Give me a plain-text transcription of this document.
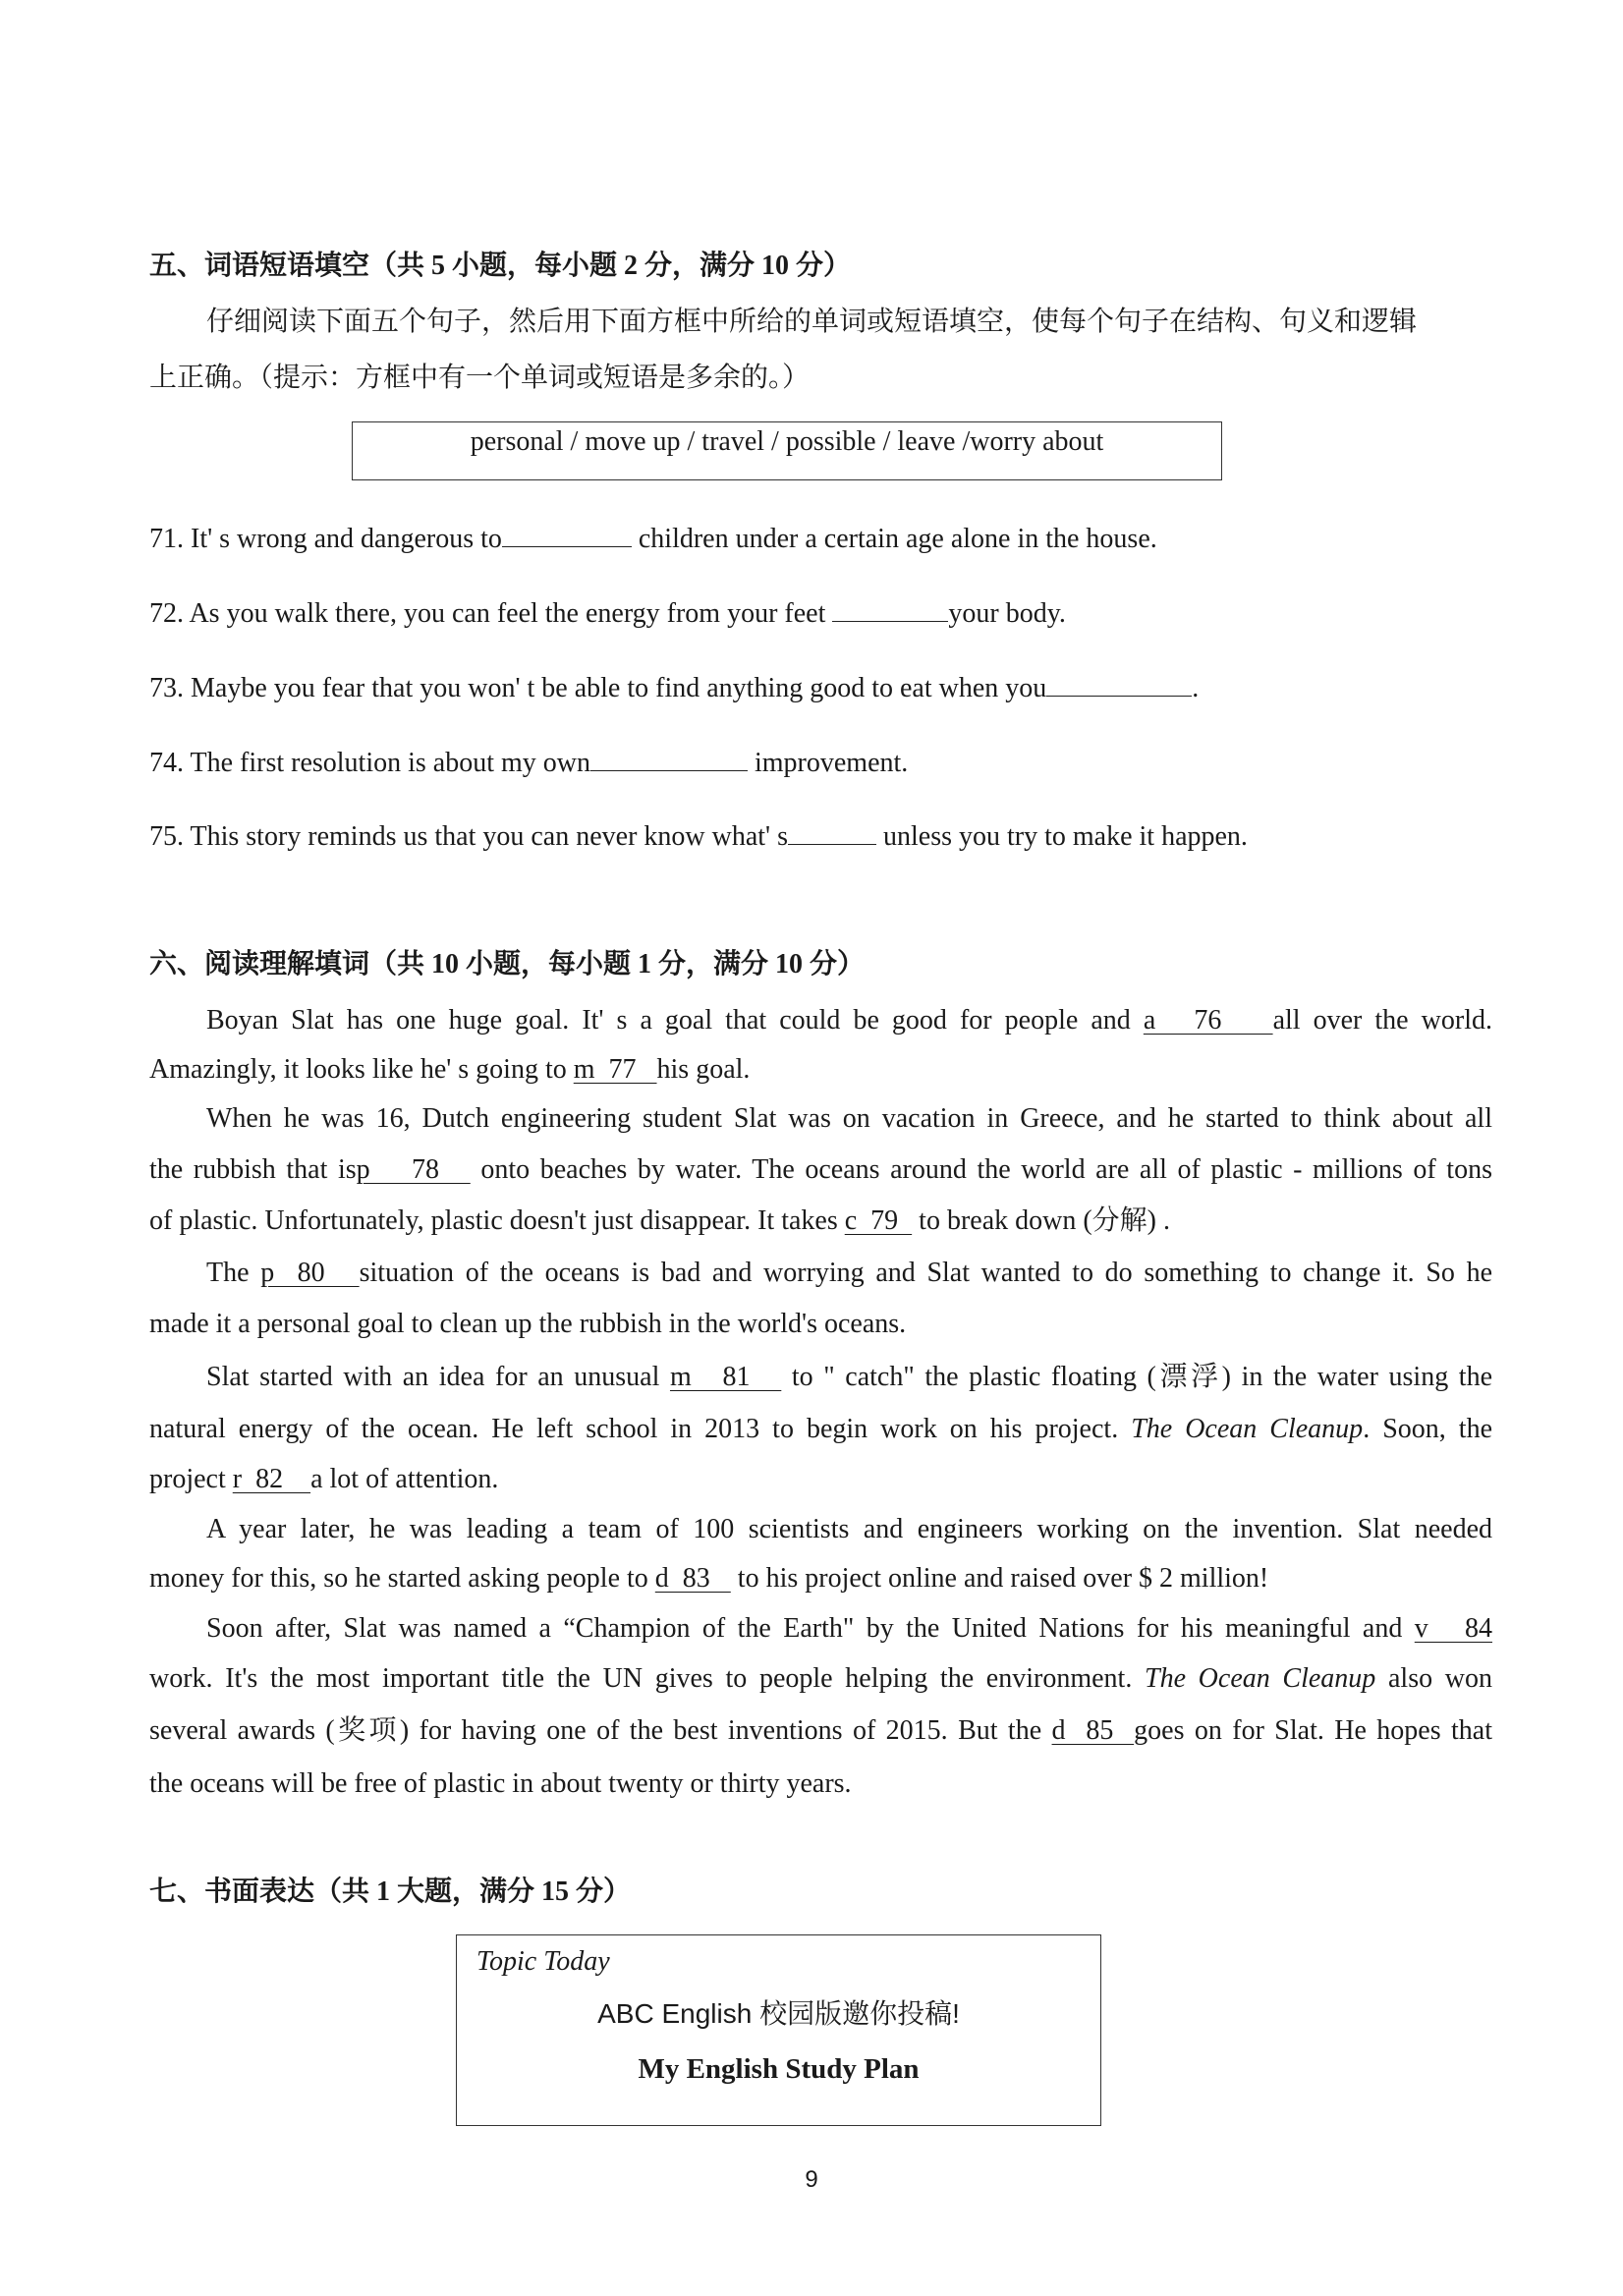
五、词语短语填空（共 5 小题，每小题 2 分，满分 10 分）
仔细阅读下面五个句子，然后用下面方框中所给的单词或短语填空，使每个句子在结构、句义和逻辑
上正确。（提示：方框中有一个单词或短语是多余的。）
personal / move up / travel / possible / leave /worry about
71. It' s wrong and dangerous to	children under a certain age alone in the house.
72. As you walk there, you can feel the energy from your feet	your body.
73. Maybe you fear that you won' t be able to find anything good to eat when you	.
74. The first resolution is about my own	improvement.
75. This story reminds us that you can never know what' s	unless you try to make it happen.
六、阅读理解填词（共 10 小题，每小题 1 分，满分 10 分）
Boyan Slat has one huge goal. It' s a goal that could be good for people and a   76    all over the world.
Amazingly, it looks like he' s going to m  77   his goal.
When he was 16, Dutch engineering student Slat was on vacation in Greece, and he started to think about all
the rubbish that isp    78    onto beaches by water. The oceans around the world are all of plastic - millions of tons
of plastic. Unfortunately, plastic doesn't just disappear. It takes c  79   to break down (分解) .
The p  80   situation of the oceans is bad and worrying and Slat wanted to do something to change it. So he
made it a personal goal to clean up the rubbish in the world's oceans.
Slat started with an idea for an unusual m   81    to " catch" the plastic floating (漂浮) in the water using the
natural energy of the ocean. He left school in 2013 to begin work on his project. The Ocean Cleanup. Soon, the
project r  82    a lot of attention.
A year later, he was leading a team of 100 scientists and engineers working on the invention. Slat needed
money for this, so he started asking people to d  83    to his project online and raised over $ 2 million!
Soon after, Slat was named a “Champion of the Earth" by the United Nations for his meaningful and v   84
work. It's the most important title the UN gives to people helping the environment. The Ocean Cleanup also won
several awards (奖项) for having one of the best inventions of 2015. But the d  85  goes on for Slat. He hopes that
the oceans will be free of plastic in about twenty or thirty years.
七、书面表达（共 1 大题，满分 15 分）
Topic Today
ABC English 校园版邀你投稿!
My English Study Plan
9
